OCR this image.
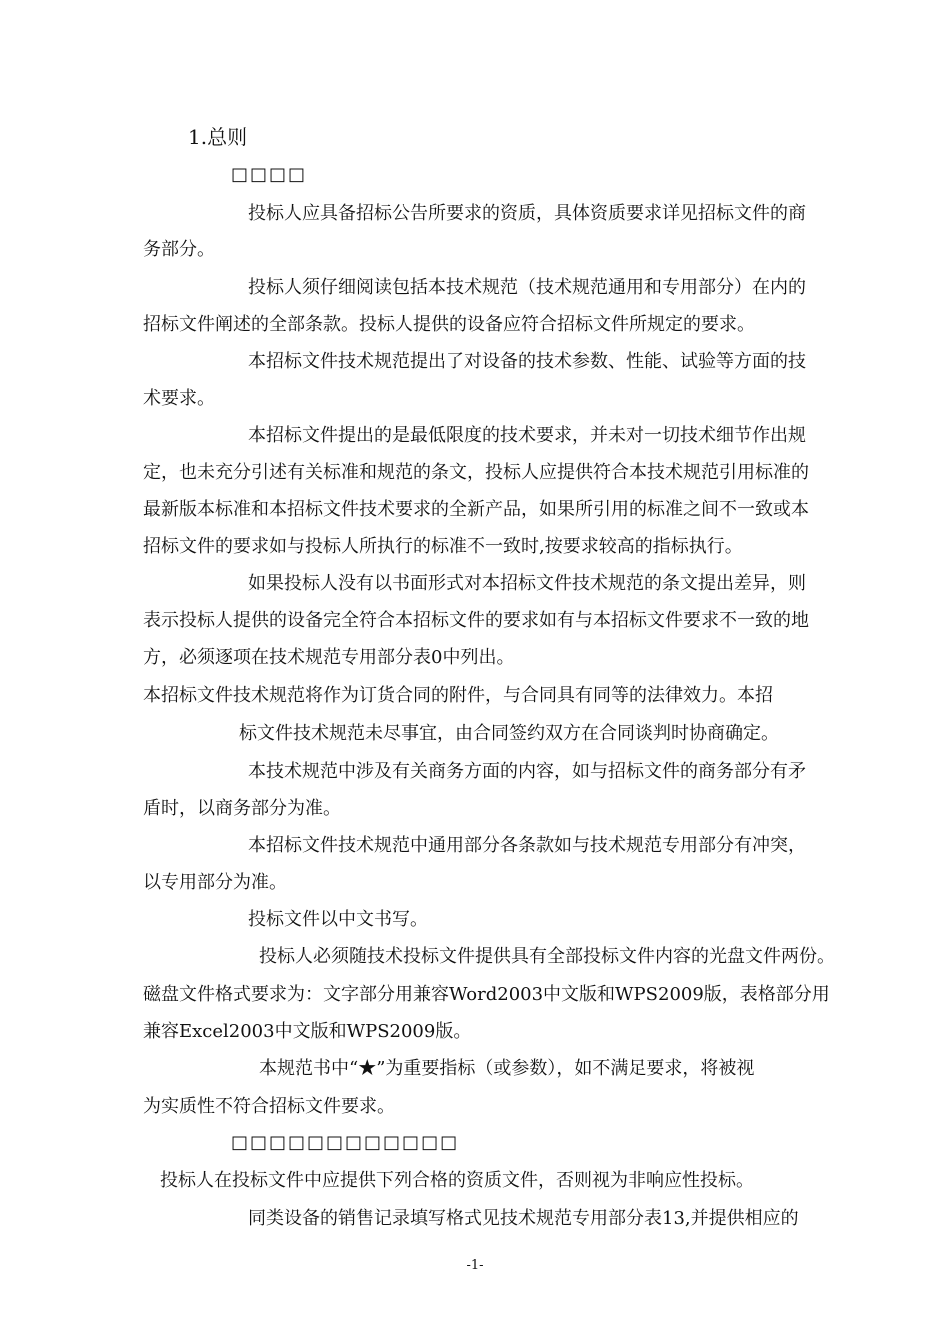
1.总则
□□□□
投标人应具备招标公告所要求的资质，具体资质要求详见招标文件的商
务部分。
投标人须仔细阅读包括本技术规范（技术规范通用和专用部分）在内的
招标文件阐述的全部条款。投标人提供的设备应符合招标文件所规定的要求。
本招标文件技术规范提出了对设备的技术参数、性能、试验等方面的技
术要求。
本招标文件提出的是最低限度的技术要求，并未对一切技术细节作出规
定，也未充分引述有关标准和规范的条文，投标人应提供符合本技术规范引用标准的
最新版本标准和本招标文件技术要求的全新产品，如果所引用的标准之间不一致或本
招标文件的要求如与投标人所执行的标准不一致时,按要求较高的指标执行。
如果投标人没有以书面形式对本招标文件技术规范的条文提出差异，则
表示投标人提供的设备完全符合本招标文件的要求如有与本招标文件要求不一致的地
方，必须逐项在技术规范专用部分表0中列出。
本招标文件技术规范将作为订货合同的附件，与合同具有同等的法律效力。本招
标文件技术规范未尽事宜，由合同签约双方在合同谈判时协商确定。
本技术规范中涉及有关商务方面的内容，如与招标文件的商务部分有矛
盾时，以商务部分为准。
本招标文件技术规范中通用部分各条款如与技术规范专用部分有冲突，
以专用部分为准。
投标文件以中文书写。
投标人必须随技术投标文件提供具有全部投标文件内容的光盘文件两份。
磁盘文件格式要求为：文字部分用兼容Word2003中文版和WPS2009版，表格部分用
兼容Excel2003中文版和WPS2009版。
本规范书中“★”为重要指标（或参数），如不满足要求，将被视
为实质性不符合招标文件要求。
□□□□□□□□□□□□
投标人在投标文件中应提供下列合格的资质文件，否则视为非响应性投标。
同类设备的销售记录填写格式见技术规范专用部分表13,并提供相应的
-1-
